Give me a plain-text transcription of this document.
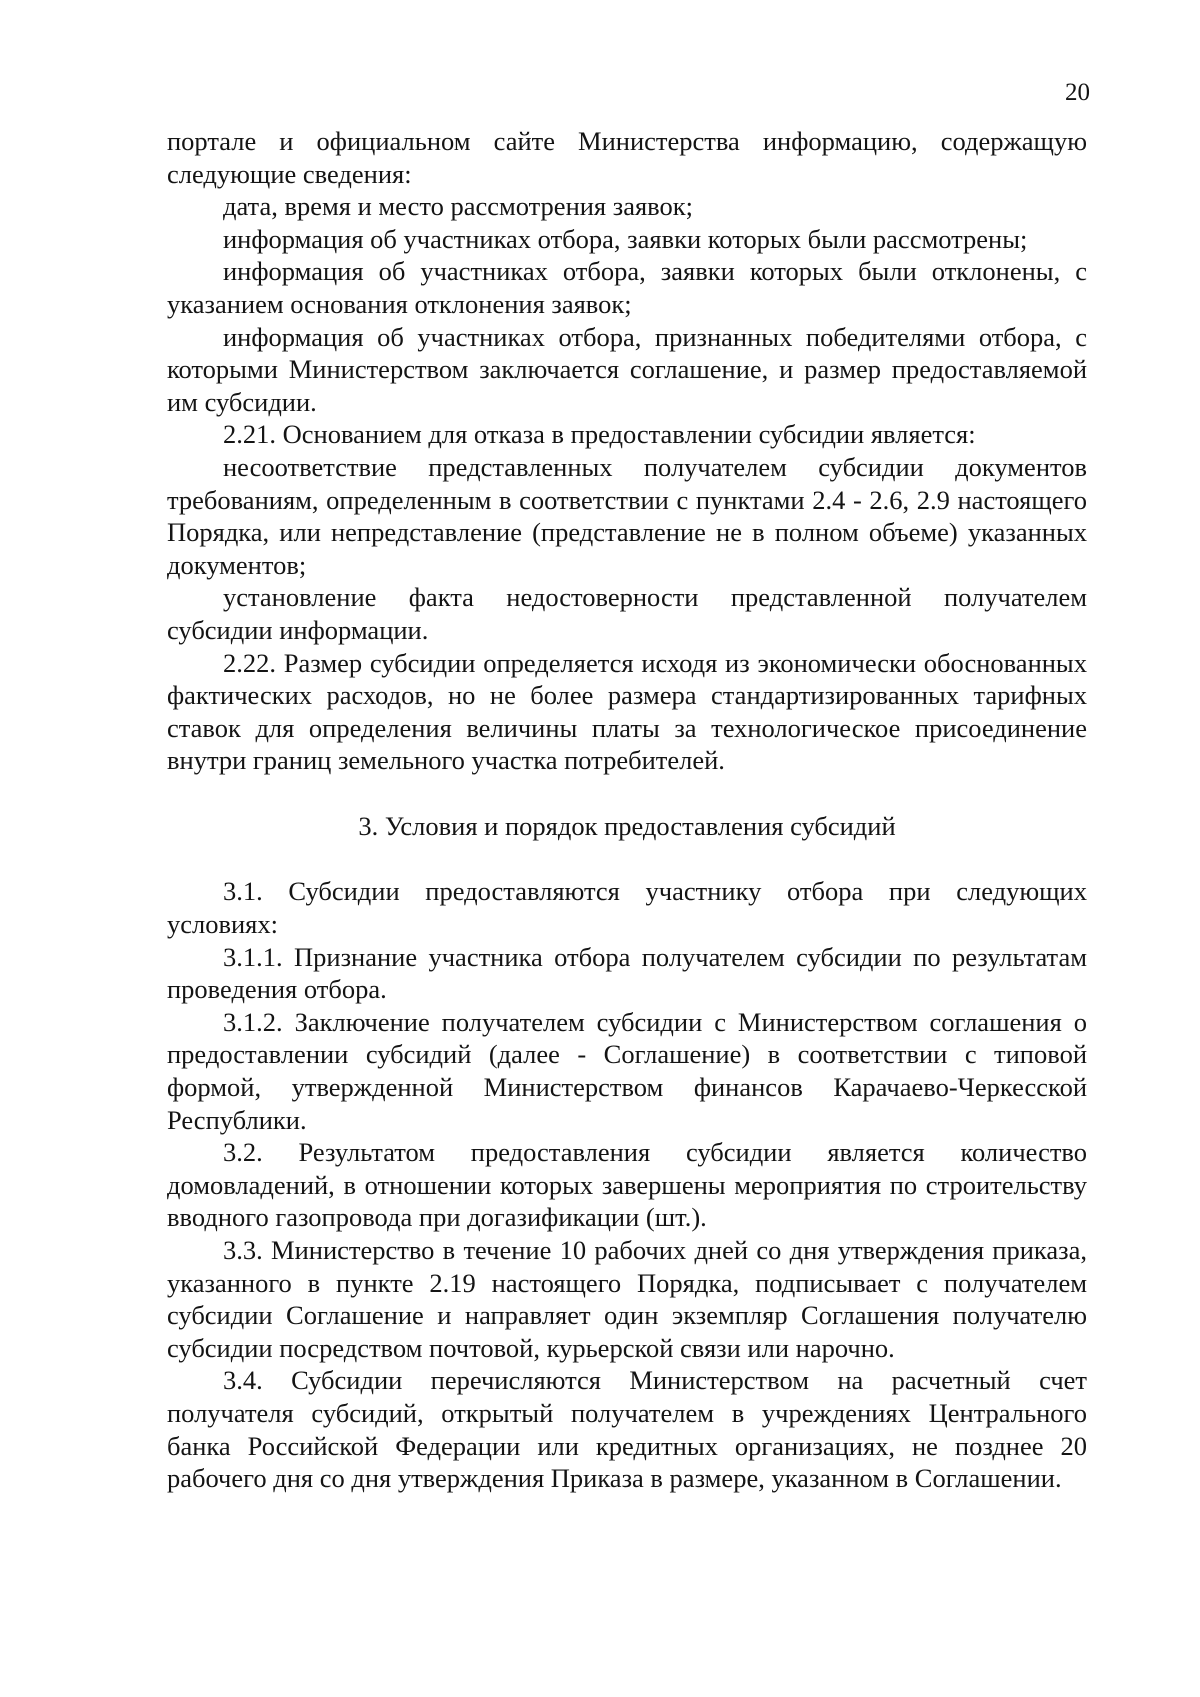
20

портале и официальном сайте Министерства информацию, содержащую следующие сведения:

дата, время и место рассмотрения заявок;

информация об участниках отбора, заявки которых были рассмотрены;

информация об участниках отбора, заявки которых были отклонены, с указанием основания отклонения заявок;

информация об участниках отбора, признанных победителями отбора, с которыми Министерством заключается соглашение, и размер предоставляемой им субсидии.

2.21. Основанием для отказа в предоставлении субсидии является:

несоответствие представленных получателем субсидии документов требованиям, определенным в соответствии с пунктами 2.4 - 2.6, 2.9 настоящего Порядка, или непредставление (представление не в полном объеме) указанных документов;

установление факта недостоверности представленной получателем субсидии информации.

2.22. Размер субсидии определяется исходя из экономически обоснованных фактических расходов, но не более размера стандартизированных тарифных ставок для определения величины платы за технологическое присоединение внутри границ земельного участка потребителей.

3. Условия и порядок предоставления субсидий

3.1. Субсидии предоставляются участнику отбора при следующих условиях:

3.1.1. Признание участника отбора получателем субсидии по результатам проведения отбора.

3.1.2. Заключение получателем субсидии с Министерством соглашения о предоставлении субсидий (далее - Соглашение) в соответствии с типовой формой, утвержденной Министерством финансов Карачаево-Черкесской Республики.

3.2. Результатом предоставления субсидии является количество домовладений, в отношении которых завершены мероприятия по строительству вводного газопровода при догазификации (шт.).

3.3. Министерство в течение 10 рабочих дней со дня утверждения приказа, указанного в пункте 2.19 настоящего Порядка, подписывает с получателем субсидии Соглашение и направляет один экземпляр Соглашения получателю субсидии посредством почтовой, курьерской связи или нарочно.

3.4. Субсидии перечисляются Министерством на расчетный счет получателя субсидий, открытый получателем в учреждениях Центрального банка Российской Федерации или кредитных организациях, не позднее 20 рабочего дня со дня утверждения Приказа в размере, указанном в Соглашении.
